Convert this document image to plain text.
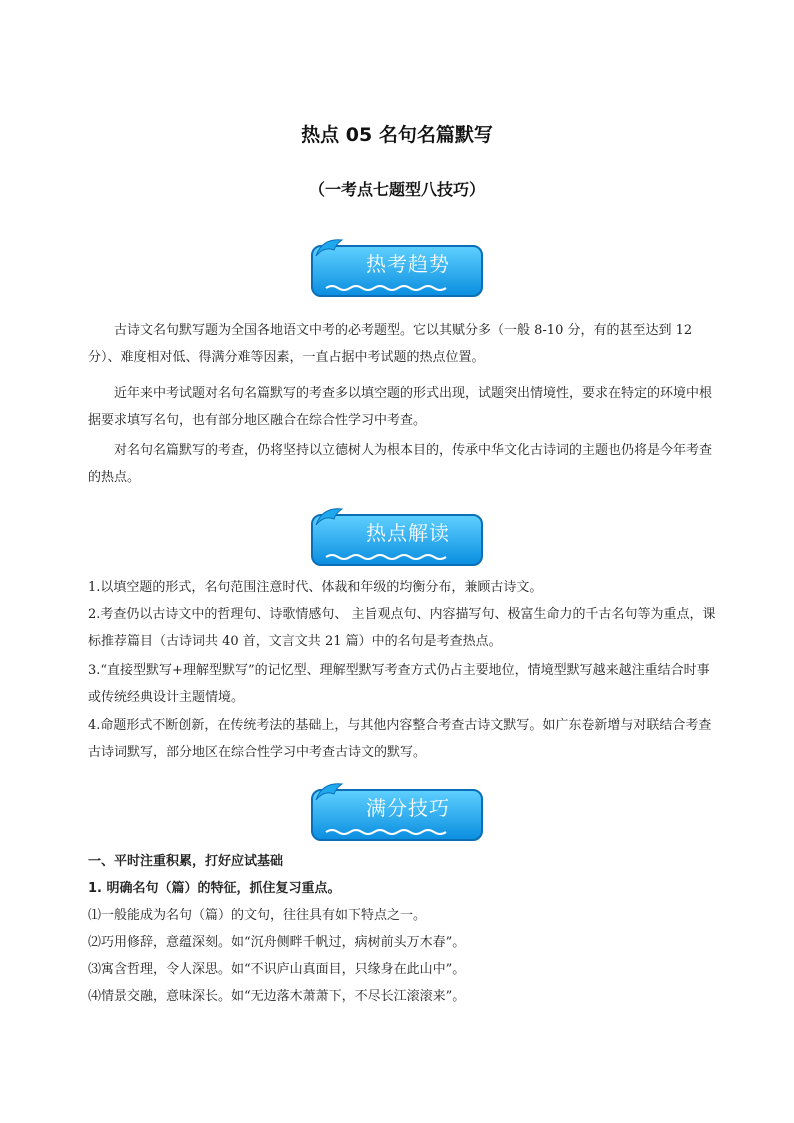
热点 05 名句名篇默写
（一考点七题型八技巧）
热考趋势
古诗文名句默写题为全国各地语文中考的必考题型。它以其赋分多（一般 8-10 分，有的甚至达到 12 分）、难度相对低、得满分难等因素，一直占据中考试题的热点位置。
近年来中考试题对名句名篇默写的考查多以填空题的形式出现，试题突出情境性，要求在特定的环境中根据要求填写名句，也有部分地区融合在综合性学习中考查。
对名句名篇默写的考查，仍将坚持以立德树人为根本目的，传承中华文化古诗词的主题也仍将是今年考查的热点。
热点解读
1.以填空题的形式，名句范围注意时代、体裁和年级的均衡分布，兼顾古诗文。
2.考查仍以古诗文中的哲理句、诗歌情感句、 主旨观点句、内容描写句、极富生命力的千古名句等为重点，课标推荐篇目（古诗词共 40 首，文言文共 21 篇）中的名句是考查热点。
3.“直接型默写+理解型默写”的记忆型、理解型默写考查方式仍占主要地位，情境型默写越来越注重结合时事或传统经典设计主题情境。
4.命题形式不断创新，在传统考法的基础上，与其他内容整合考查古诗文默写。如广东卷新增与对联结合考查古诗词默写，部分地区在综合性学习中考查古诗文的默写。
满分技巧
一、平时注重积累，打好应试基础
1. 明确名句（篇）的特征，抓住复习重点。
⑴一般能成为名句（篇）的文句，往往具有如下特点之一。
⑵巧用修辞，意蕴深刻。如“沉舟侧畔千帆过，病树前头万木春”。
⑶寓含哲理，令人深思。如“不识庐山真面目，只缘身在此山中”。
⑷情景交融，意味深长。如“无边落木萧萧下，不尽长江滚滚来”。
